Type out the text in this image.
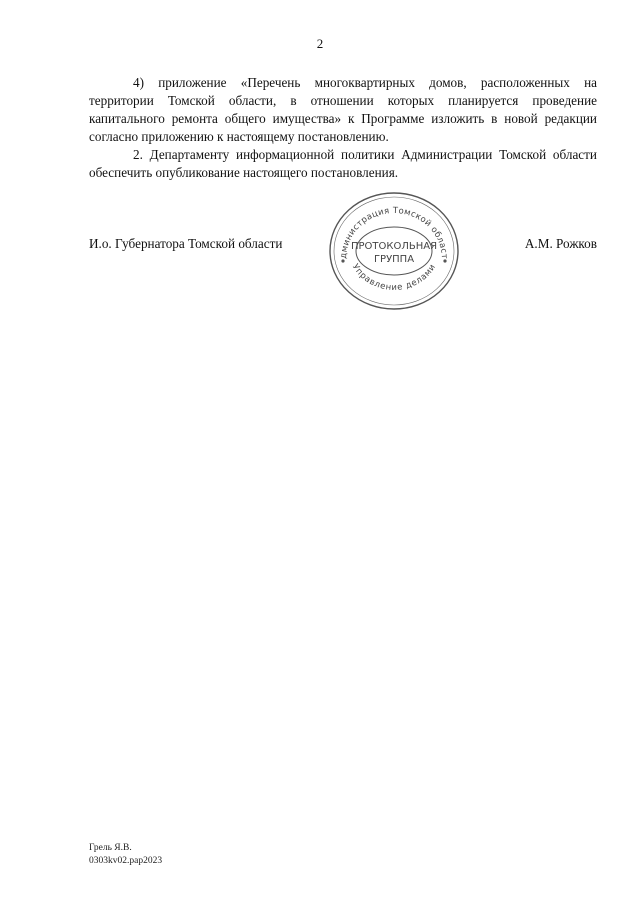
2

4) приложение «Перечень многоквартирных домов, расположенных на территории Томской области, в отношении которых планируется проведение капитального ремонта общего имущества» к Программе изложить в новой редакции согласно приложению к настоящему постановлению.

2. Департаменту информационной политики Администрации Томской области обеспечить опубликование настоящего постановления.

И.о. Губернатора Томской области	А.М. Рожков
дминистрация Томской област
Управление делами
ПРОТОКОЛЬНАЯ
ГРУППА
Грель Я.В.
0303kv02.pap2023
